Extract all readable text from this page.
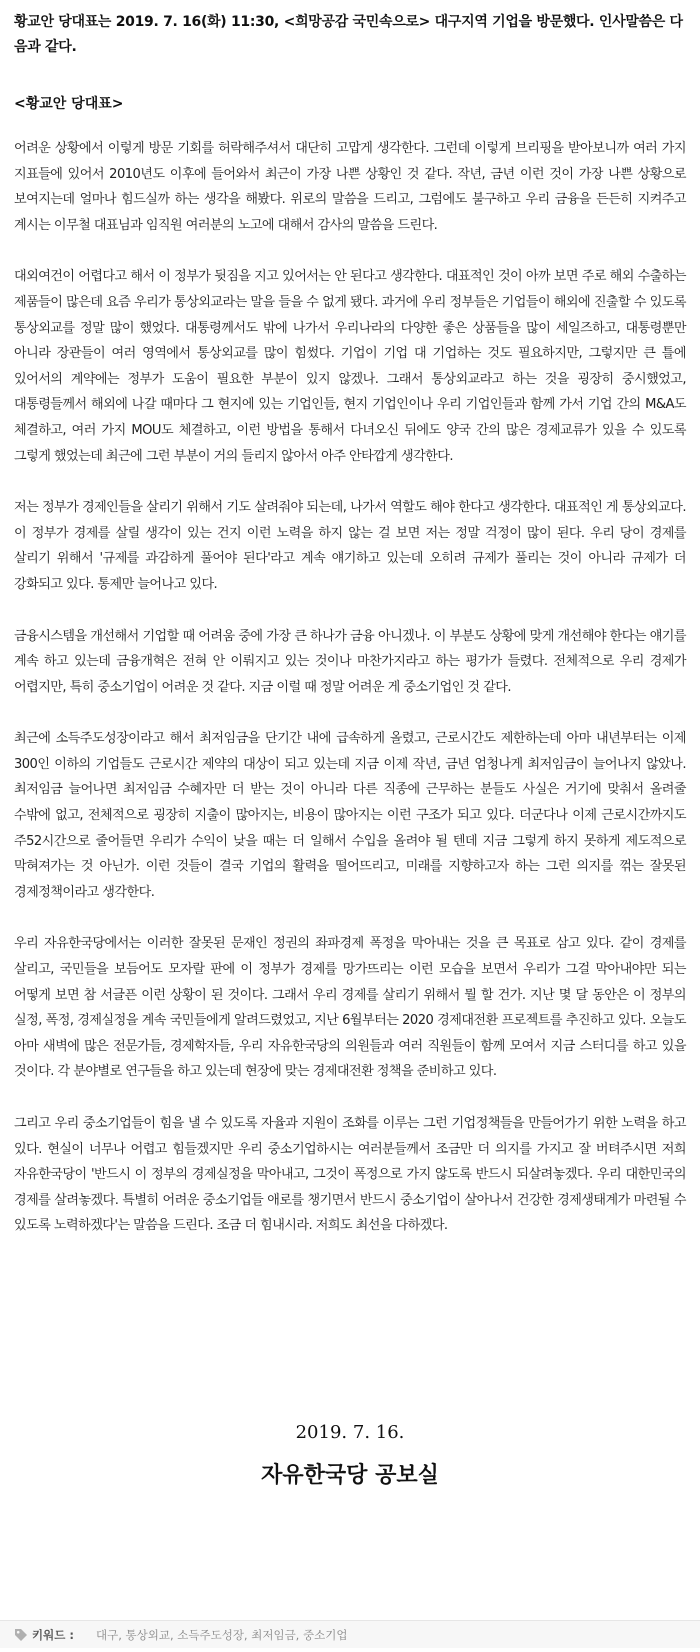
황교안 당대표는 2019. 7. 16(화) 11:30, <희망공감 국민속으로> 대구지역 기업을 방문했다. 인사말씀은 다음과 같다.
<황교안 당대표>

어려운 상황에서 이렇게 방문 기회를 허락해주셔서 대단히 고맙게 생각한다. 그런데 이렇게 브리핑을 받아보니까 여러 가지 지표들에 있어서 2010년도 이후에 들어와서 최근이 가장 나쁜 상황인 것 같다. 작년, 금년 이런 것이 가장 나쁜 상황으로 보여지는데 얼마나 힘드실까 하는 생각을 해봤다. 위로의 말씀을 드리고, 그럼에도 불구하고 우리 금융을 든든히 지켜주고 계시는 이무철 대표님과 임직원 여러분의 노고에 대해서 감사의 말씀을 드린다.

대외여건이 어렵다고 해서 이 정부가 뒷짐을 지고 있어서는 안 된다고 생각한다. 대표적인 것이 아까 보면 주로 해외 수출하는 제품들이 많은데 요즘 우리가 통상외교라는 말을 들을 수 없게 됐다. 과거에 우리 정부들은 기업들이 해외에 진출할 수 있도록 통상외교를 정말 많이 했었다. 대통령께서도 밖에 나가서 우리나라의 다양한 좋은 상품들을 많이 세일즈하고, 대통령뿐만 아니라 장관들이 여러 영역에서 통상외교를 많이 힘썼다. 기업이 기업 대 기업하는 것도 필요하지만, 그렇지만 큰 틀에 있어서의 계약에는 정부가 도움이 필요한 부분이 있지 않겠나. 그래서 통상외교라고 하는 것을 굉장히 중시했었고, 대통령들께서 해외에 나갈 때마다 그 현지에 있는 기업인들, 현지 기업인이나 우리 기업인들과 함께 가서 기업 간의 M&A도 체결하고, 여러 가지 MOU도 체결하고, 이런 방법을 통해서 다녀오신 뒤에도 양국 간의 많은 경제교류가 있을 수 있도록 그렇게 했었는데 최근에 그런 부분이 거의 들리지 않아서 아주 안타깝게 생각한다.

저는 정부가 경제인들을 살리기 위해서 기도 살려줘야 되는데, 나가서 역할도 해야 한다고 생각한다. 대표적인 게 통상외교다. 이 정부가 경제를 살릴 생각이 있는 건지 이런 노력을 하지 않는 걸 보면 저는 정말 걱정이 많이 된다. 우리 당이 경제를 살리기 위해서 '규제를 과감하게 풀어야 된다'라고 계속 얘기하고 있는데 오히려 규제가 풀리는 것이 아니라 규제가 더 강화되고 있다. 통제만 늘어나고 있다.

금융시스템을 개선해서 기업할 때 어려움 중에 가장 큰 하나가 금융 아니겠나. 이 부분도 상황에 맞게 개선해야 한다는 얘기를 계속 하고 있는데 금융개혁은 전혀 안 이뤄지고 있는 것이나 마찬가지라고 하는 평가가 들렸다. 전체적으로 우리 경제가 어렵지만, 특히 중소기업이 어려운 것 같다. 지금 이럴 때 정말 어려운 게 중소기업인 것 같다.

최근에 소득주도성장이라고 해서 최저임금을 단기간 내에 급속하게 올렸고, 근로시간도 제한하는데 아마 내년부터는 이제 300인 이하의 기업들도 근로시간 제약의 대상이 되고 있는데 지금 이제 작년, 금년 엄청나게 최저임금이 늘어나지 않았나. 최저임금 늘어나면 최저임금 수혜자만 더 받는 것이 아니라 다른 직종에 근무하는 분들도 사실은 거기에 맞춰서 올려줄 수밖에 없고, 전체적으로 굉장히 지출이 많아지는, 비용이 많아지는 이런 구조가 되고 있다. 더군다나 이제 근로시간까지도 주52시간으로 줄어들면 우리가 수익이 낮을 때는 더 일해서 수입을 올려야 될 텐데 지금 그렇게 하지 못하게 제도적으로 막혀져가는 것 아닌가. 이런 것들이 결국 기업의 활력을 떨어뜨리고, 미래를 지향하고자 하는 그런 의지를 꺾는 잘못된 경제정책이라고 생각한다.

우리 자유한국당에서는 이러한 잘못된 문재인 정권의 좌파경제 폭정을 막아내는 것을 큰 목표로 삼고 있다. 같이 경제를 살리고, 국민들을 보듬어도 모자랄 판에 이 정부가 경제를 망가뜨리는 이런 모습을 보면서 우리가 그걸 막아내야만 되는 어떻게 보면 참 서글픈 이런 상황이 된 것이다. 그래서 우리 경제를 살리기 위해서 뭘 할 건가. 지난 몇 달 동안은 이 정부의 실정, 폭정, 경제실정을 계속 국민들에게 알려드렸었고, 지난 6월부터는 2020 경제대전환 프로젝트를 추진하고 있다. 오늘도 아마 새벽에 많은 전문가들, 경제학자들, 우리 자유한국당의 의원들과 여러 직원들이 함께 모여서 지금 스터디를 하고 있을 것이다. 각 분야별로 연구들을 하고 있는데 현장에 맞는 경제대전환 정책을 준비하고 있다.

그리고 우리 중소기업들이 힘을 낼 수 있도록 자율과 지원이 조화를 이루는 그런 기업정책들을 만들어가기 위한 노력을 하고 있다. 현실이 너무나 어렵고 힘들겠지만 우리 중소기업하시는 여러분들께서 조금만 더 의지를 가지고 잘 버텨주시면 저희 자유한국당이 '반드시 이 정부의 경제실정을 막아내고, 그것이 폭정으로 가지 않도록 반드시 되살려놓겠다. 우리 대한민국의 경제를 살려놓겠다. 특별히 어려운 중소기업들 애로를 챙기면서 반드시 중소기업이 살아나서 건강한 경제생태계가 마련될 수 있도록 노력하겠다'는 말씀을 드린다. 조금 더 힘내시라. 저희도 최선을 다하겠다.

2019. 7. 16.
자유한국당 공보실
키워드 : 대구, 통상외교, 소득주도성장, 최저임금, 중소기업
